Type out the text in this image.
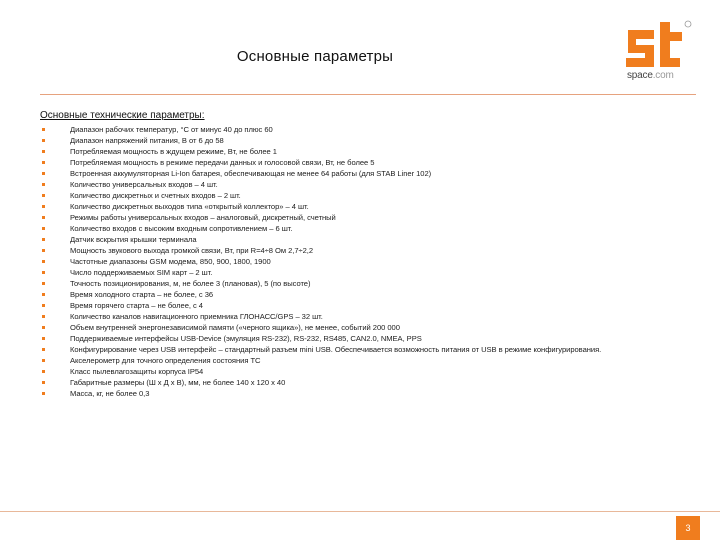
Основные параметры
space.com
Основные технические параметры:
Диапазон рабочих температур, °С от минус 40 до плюс 60
Диапазон напряжений питания, В от 6 до 58
Потребляемая мощность в ждущем режиме, Вт, не более 1
Потребляемая мощность в режиме передачи данных и голосовой связи, Вт, не более 5
Встроенная аккумуляторная Li-Ion батарея, обеспечивающая не менее 64 работы (для STAB Liner 102)
Количество универсальных входов – 4 шт.
Количество дискретных и счетных входов – 2 шт.
Количество дискретных выходов типа «открытый коллектор» – 4 шт.
Режимы работы универсальных входов – аналоговый, дискретный, счетный
Количество входов с высоким входным сопротивлением – 6 шт.
Датчик вскрытия крышки терминала
Мощность звукового выхода громкой связи, Вт, при R=4÷8 Ом 2,7÷2,2
Частотные диапазоны GSM модема, 850, 900, 1800, 1900
Число поддерживаемых SIM карт – 2 шт.
Точность позиционирования, м, не более 3 (плановая), 5 (по высоте)
Время холодного старта – не более, с 36
Время горячего старта – не более, с 4
Количество каналов навигационного приемника ГЛОНАСС/GPS – 32 шт.
Объем внутренней энергонезависимой памяти («черного ящика»), не менее, событий 200 000
Поддерживаемые интерфейсы USB-Device (эмуляция RS-232), RS-232, RS485, CAN2.0, NMEA, PPS
Конфигурирование через USB интерфейс – стандартный разъем mini USB. Обеспечивается возможность питания от USB в режиме конфигурирования.
Акселерометр для точного определения состояния ТС
Класс пылевлагозащиты корпуса IP54
Габаритные размеры (Ш х Д х В), мм, не более 140 x 120 x 40
Масса, кг, не более 0,3
3
